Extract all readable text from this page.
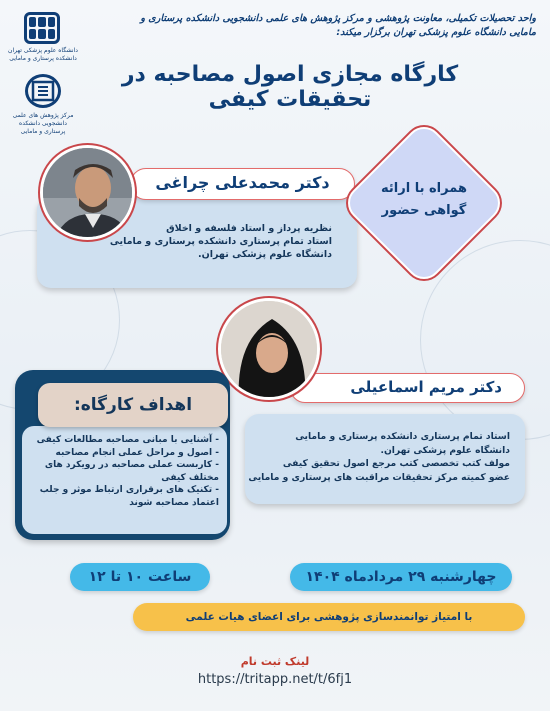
دانشگاه علوم پزشکی تهران دانشکده پرستاری و مامایی
مرکز پژوهش های علمی دانشجویی دانشکده پرستاری و مامایی
واحد تحصیلات تکمیلی، معاونت پژوهشی و مرکز پژوهش های علمی دانشجویی دانشکده پرستاری و مامایی دانشگاه علوم پزشکی تهران برگزار میکند:
کارگاه مجازی اصول مصاحبه در تحقیقات کیفی
نظریه پرداز و استاد فلسفه و اخلاق
استاد تمام پرستاری دانشکده پرستاری و مامایی
دانشگاه علوم پزشکی تهران.
دکتر محمدعلی چراغی	همراه با ارائه
گواهی حضور
استاد تمام پرستاری دانشکده پرستاری و مامایی
دانشگاه علوم پزشکی تهران.
مولف کتب تخصصی کتب مرجع اصول تحقیق کیفی
عضو کمیته مرکز تحقیقات مراقبت های پرستاری و مامایی
دکتر مریم اسماعیلی
- آشنایی با مبانی مصاحبه مطالعات کیفی
- اصول و مراحل عملی انجام مصاحبه
- کاربست عملی مصاحبه در رویکرد های مختلف کیفی
- تکنیک های برقراری ارتباط موثر و جلب اعتماد مصاحبه شوند
اهداف کارگاه:
ساعت ۱۰ تا ۱۲	چهارشنبه ۲۹ مردادماه ۱۴۰۴
با امتیاز توانمندسازی پژوهشی برای اعضای هیات علمی
لینک ثبت نام
https://tritapp.net/t/6fj1
